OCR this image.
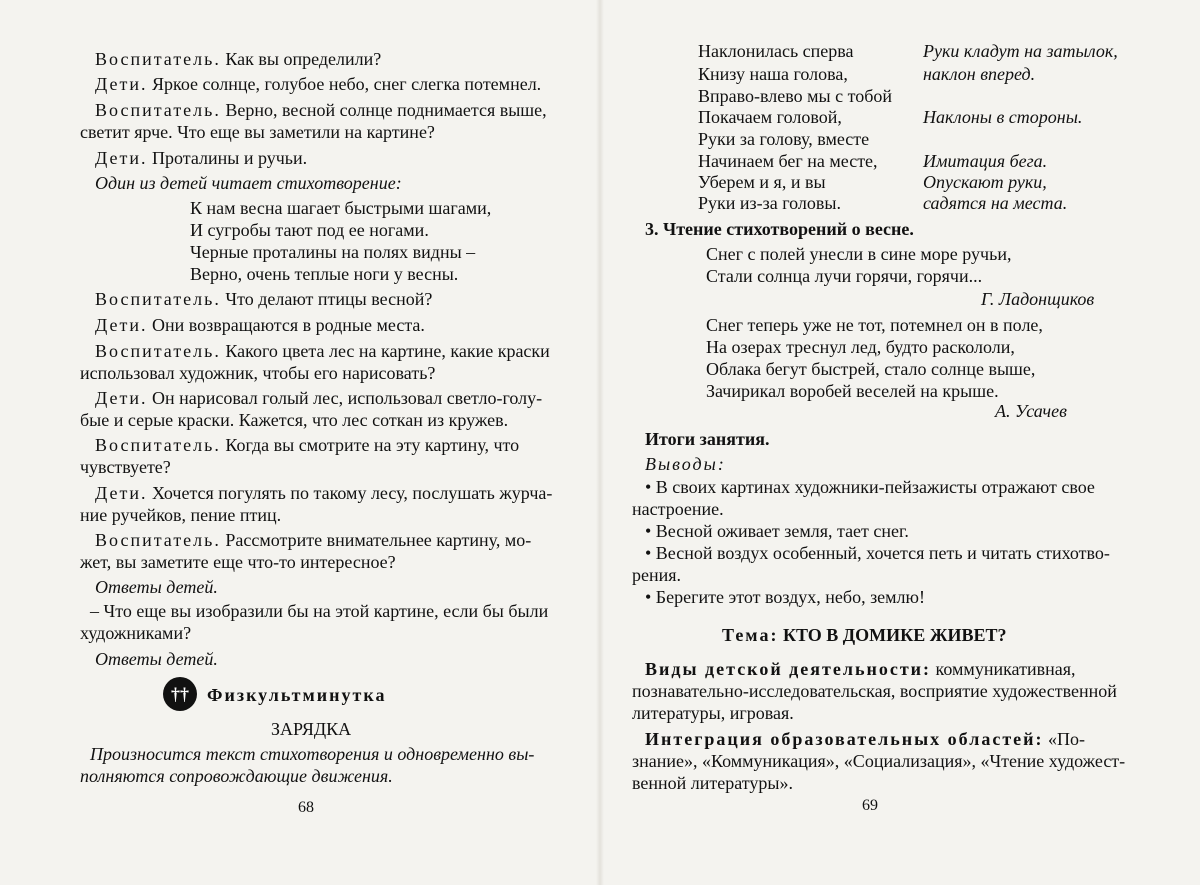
Воспитатель. Как вы определили?
Дети. Яркое солнце, голубое небо, снег слегка потемнел.
Воспитатель. Верно, весной солнце поднимается выше,
светит ярче. Что еще вы заметили на картине?
Дети. Проталины и ручьи.
Один из детей читает стихотворение:
К нам весна шагает быстрыми шагами,
И сугробы тают под ее ногами.
Черные проталины на полях видны –
Верно, очень теплые ноги у весны.
Воспитатель. Что делают птицы весной?
Дети. Они возвращаются в родные места.
Воспитатель. Какого цвета лес на картине, какие краски
использовал художник, чтобы его нарисовать?
Дети. Он нарисовал голый лес, использовал светло-голу-
бые и серые краски. Кажется, что лес соткан из кружев.
Воспитатель. Когда вы смотрите на эту картину, что
чувствуете?
Дети. Хочется погулять по такому лесу, послушать журча-
ние ручейков, пение птиц.
Воспитатель. Рассмотрите внимательнее картину, мо-
жет, вы заметите еще что-то интересное?
Ответы детей.
– Что еще вы изобразили бы на этой картине, если бы были
художниками?
Ответы детей.
††	Физкультминутка
ЗАРЯДКА
Произносится текст стихотворения и одновременно вы-
полняются сопровождающие движения.
68
Наклонилась сперва	Руки кладут на затылок,
Книзу наша голова,	наклон вперед.
Вправо-влево мы с тобой
Покачаем головой,	Наклоны в стороны.
Руки за голову, вместе
Начинаем бег на месте,	Имитация бега.
Уберем и я, и вы	Опускают руки,
Руки из-за головы.	садятся на места.
3. Чтение стихотворений о весне.
Снег с полей унесли в сине море ручьи,
Стали солнца лучи горячи, горячи...
Г. Ладонщиков
Снег теперь уже не тот, потемнел он в поле,
На озерах треснул лед, будто раскололи,
Облака бегут быстрей, стало солнце выше,
Зачирикал воробей веселей на крыше.
А. Усачев
Итоги занятия.
Выводы:
• В своих картинах художники-пейзажисты отражают свое
настроение.
• Весной оживает земля, тает снег.
• Весной воздух особенный, хочется петь и читать стихотво-
рения.
• Берегите этот воздух, небо, землю!
Тема: КТО В ДОМИКЕ ЖИВЕТ?
Виды детской деятельности: коммуникативная,
познавательно-исследовательская, восприятие художественной
литературы, игровая.
Интеграция образовательных областей: «По-
знание», «Коммуникация», «Социализация», «Чтение художест-
венной литературы».
69
